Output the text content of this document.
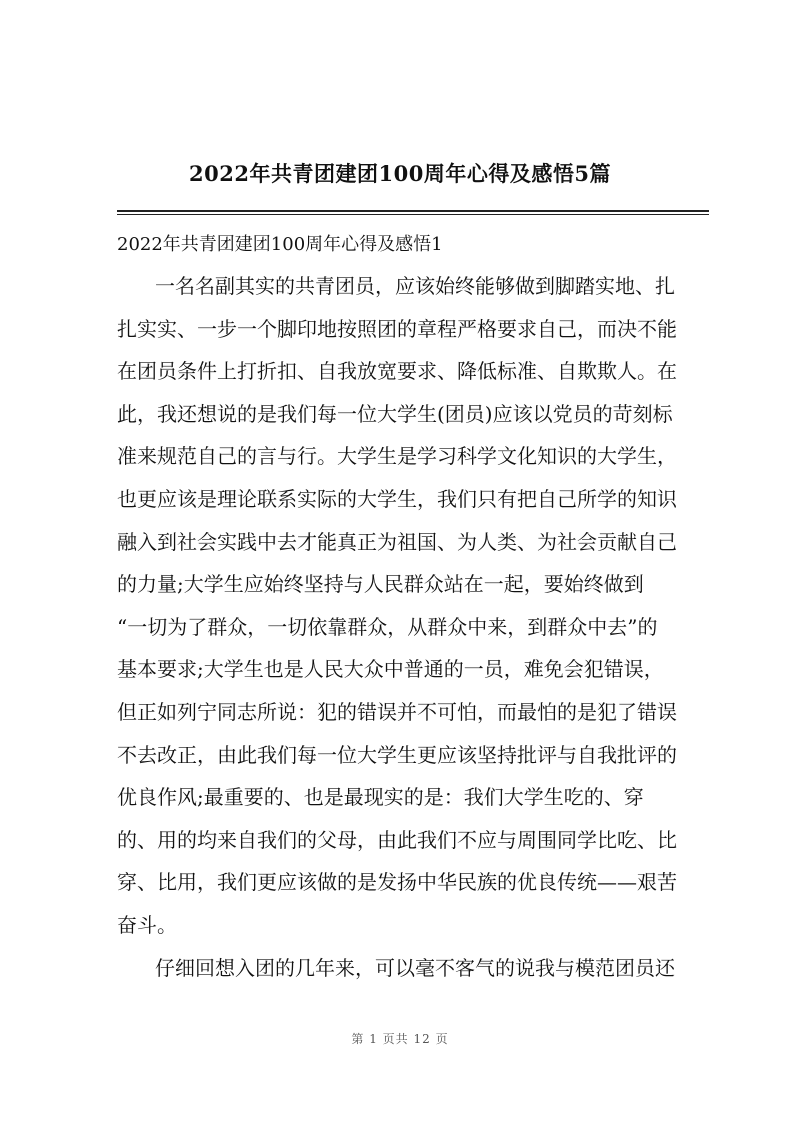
2022年共青团建团100周年心得及感悟5篇
2022年共青团建团100周年心得及感悟1
一名名副其实的共青团员，应该始终能够做到脚踏实地、扎
扎实实、一步一个脚印地按照团的章程严格要求自己，而决不能
在团员条件上打折扣、自我放宽要求、降低标准、自欺欺人。在
此，我还想说的是我们每一位大学生(团员)应该以党员的苛刻标
准来规范自己的言与行。大学生是学习科学文化知识的大学生，
也更应该是理论联系实际的大学生，我们只有把自己所学的知识
融入到社会实践中去才能真正为祖国、为人类、为社会贡献自己
的力量;大学生应始终坚持与人民群众站在一起，要始终做到
“一切为了群众，一切依靠群众，从群众中来，到群众中去”的
基本要求;大学生也是人民大众中普通的一员，难免会犯错误，
但正如列宁同志所说：犯的错误并不可怕，而最怕的是犯了错误
不去改正，由此我们每一位大学生更应该坚持批评与自我批评的
优良作风;最重要的、也是最现实的是：我们大学生吃的、穿
的、用的均来自我们的父母，由此我们不应与周围同学比吃、比
穿、比用，我们更应该做的是发扬中华民族的优良传统——艰苦
奋斗。
仔细回想入团的几年来，可以毫不客气的说我与模范团员还
第 1 页共 12 页
